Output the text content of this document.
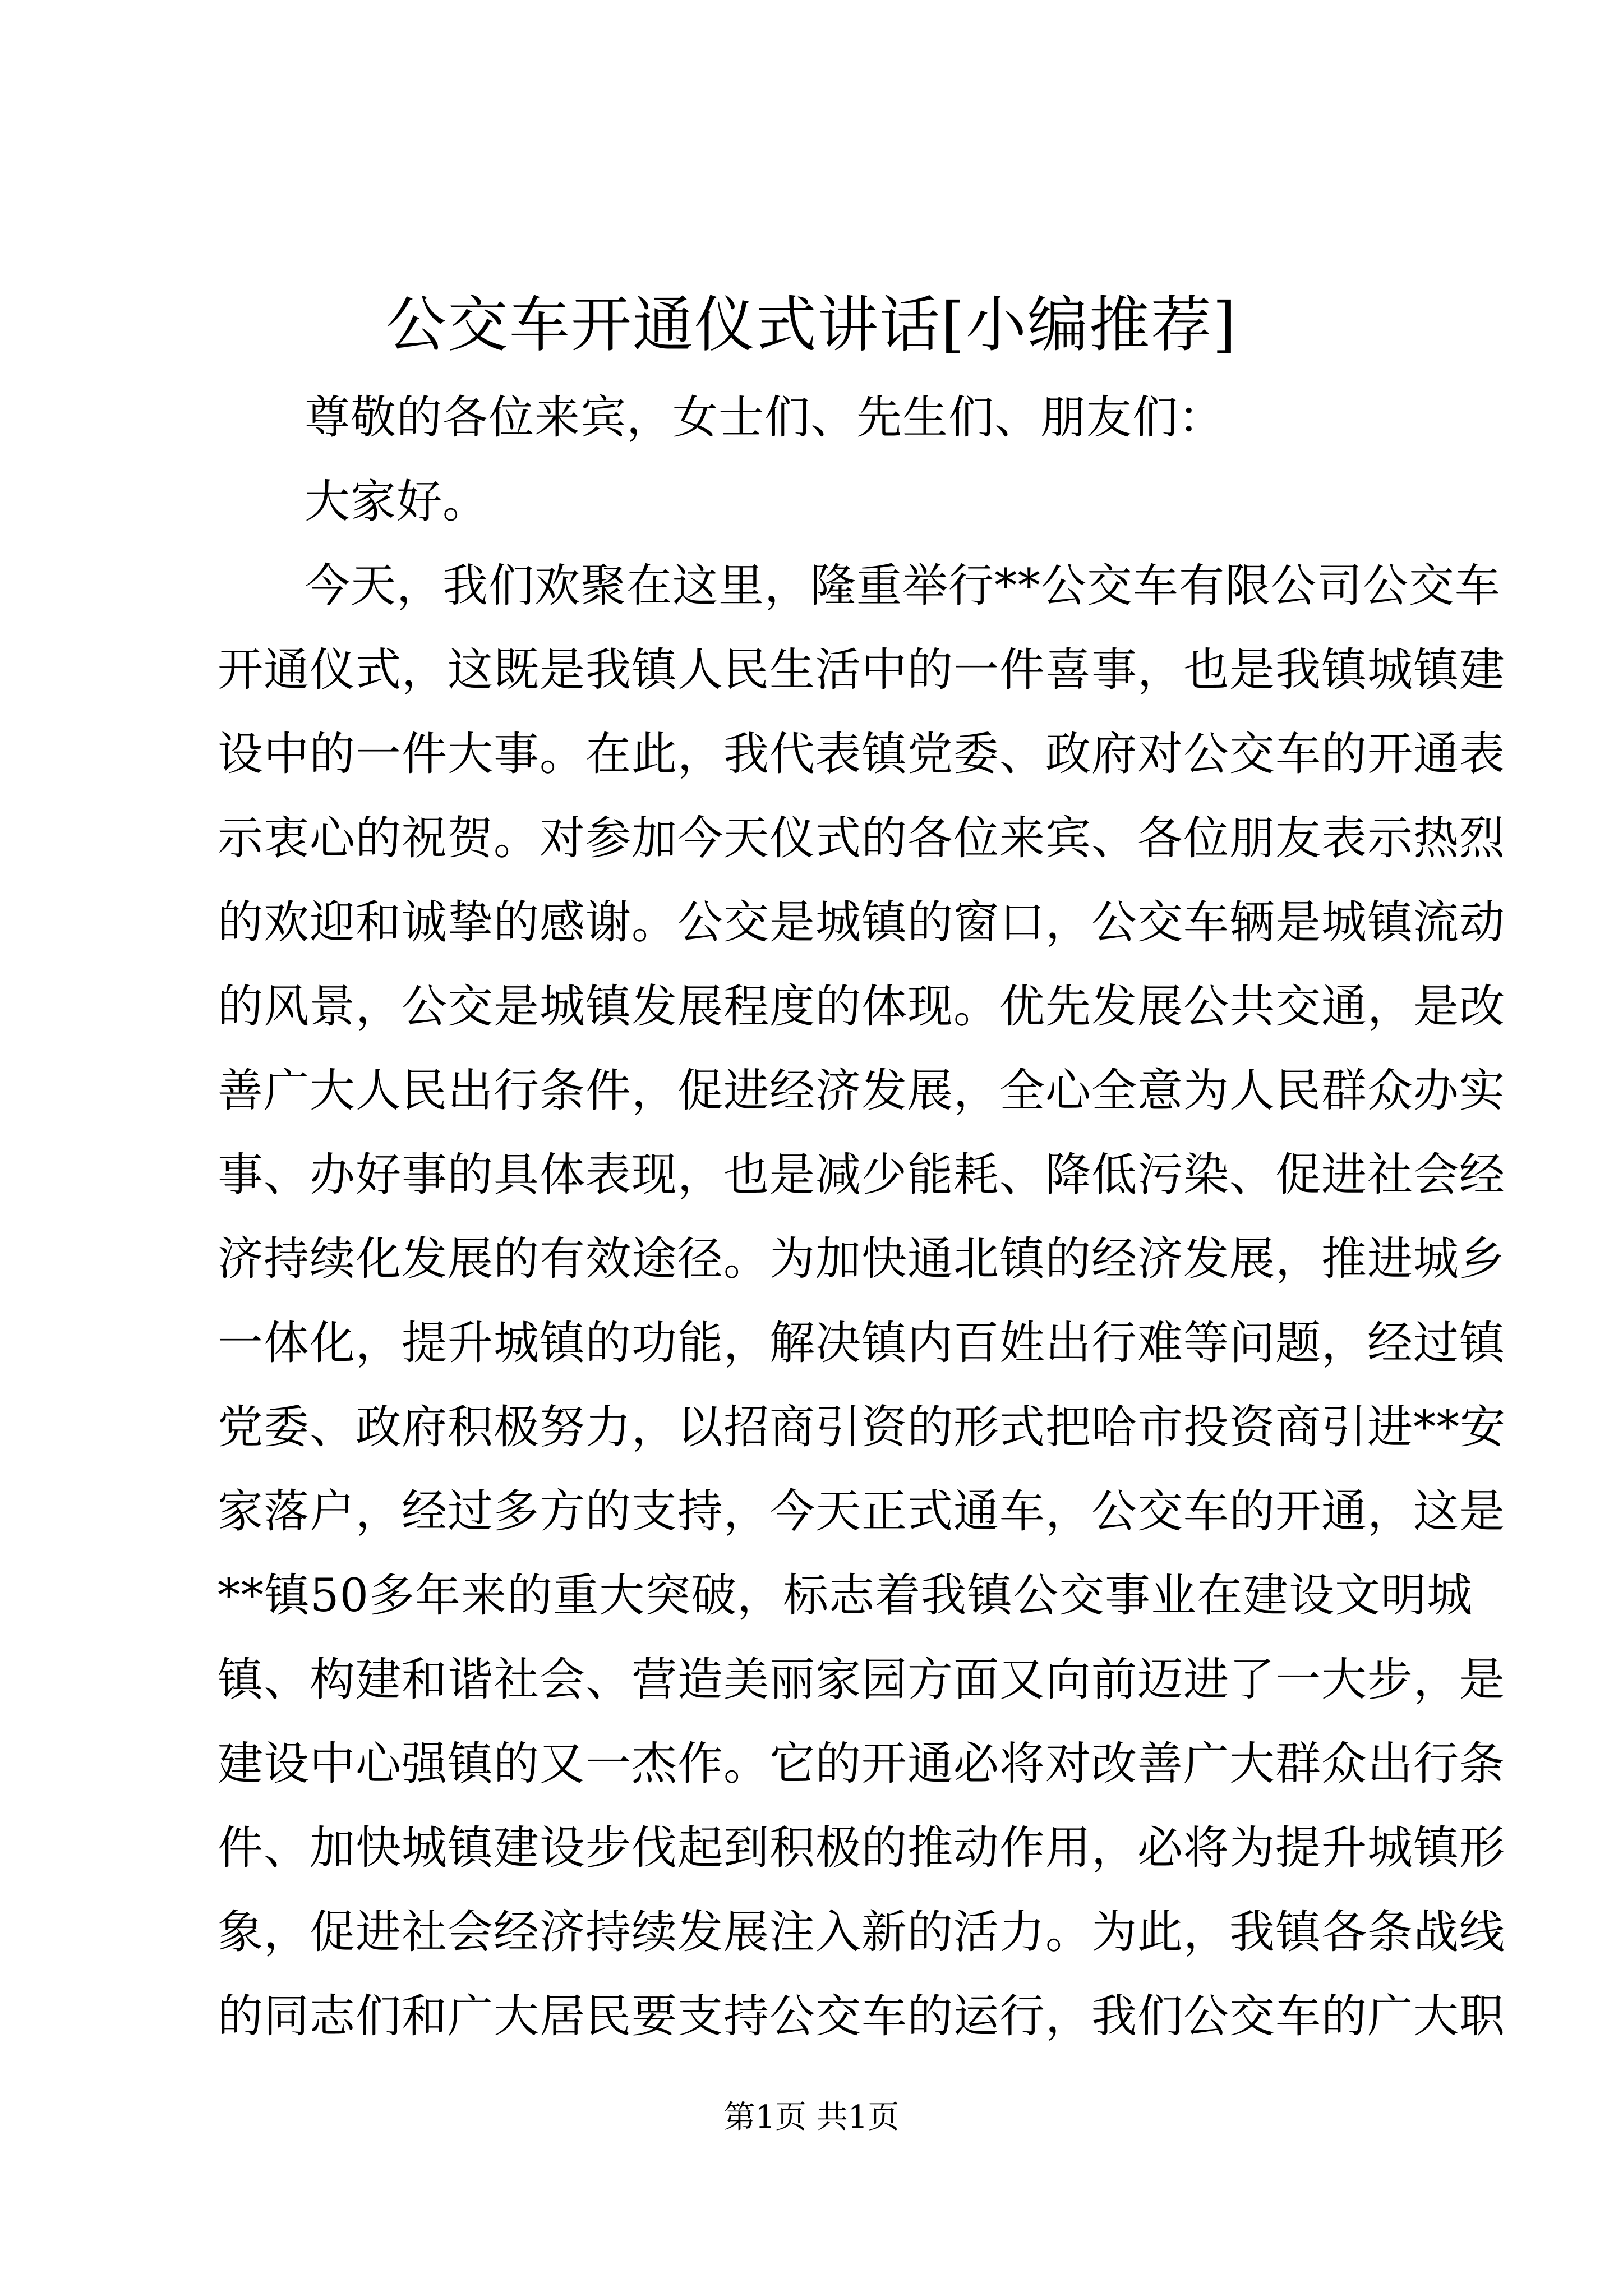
公交车开通仪式讲话[小编推荐]
尊敬的各位来宾，女士们、先生们、朋友们：
大家好。
今天，我们欢聚在这里，隆重举行**公交车有限公司公交车
开通仪式，这既是我镇人民生活中的一件喜事，也是我镇城镇建
设中的一件大事。在此，我代表镇党委、政府对公交车的开通表
示衷心的祝贺。对参加今天仪式的各位来宾、各位朋友表示热烈
的欢迎和诚挚的感谢。公交是城镇的窗口，公交车辆是城镇流动
的风景，公交是城镇发展程度的体现。优先发展公共交通，是改
善广大人民出行条件，促进经济发展，全心全意为人民群众办实
事、办好事的具体表现，也是减少能耗、降低污染、促进社会经
济持续化发展的有效途径。为加快通北镇的经济发展，推进城乡
一体化，提升城镇的功能，解决镇内百姓出行难等问题，经过镇
党委、政府积极努力，以招商引资的形式把哈市投资商引进**安
家落户，经过多方的支持，今天正式通车，公交车的开通，这是
**镇50多年来的重大突破，标志着我镇公交事业在建设文明城
镇、构建和谐社会、营造美丽家园方面又向前迈进了一大步，是
建设中心强镇的又一杰作。它的开通必将对改善广大群众出行条
件、加快城镇建设步伐起到积极的推动作用，必将为提升城镇形
象，促进社会经济持续发展注入新的活力。为此，我镇各条战线
的同志们和广大居民要支持公交车的运行，我们公交车的广大职
第1页 共1页
